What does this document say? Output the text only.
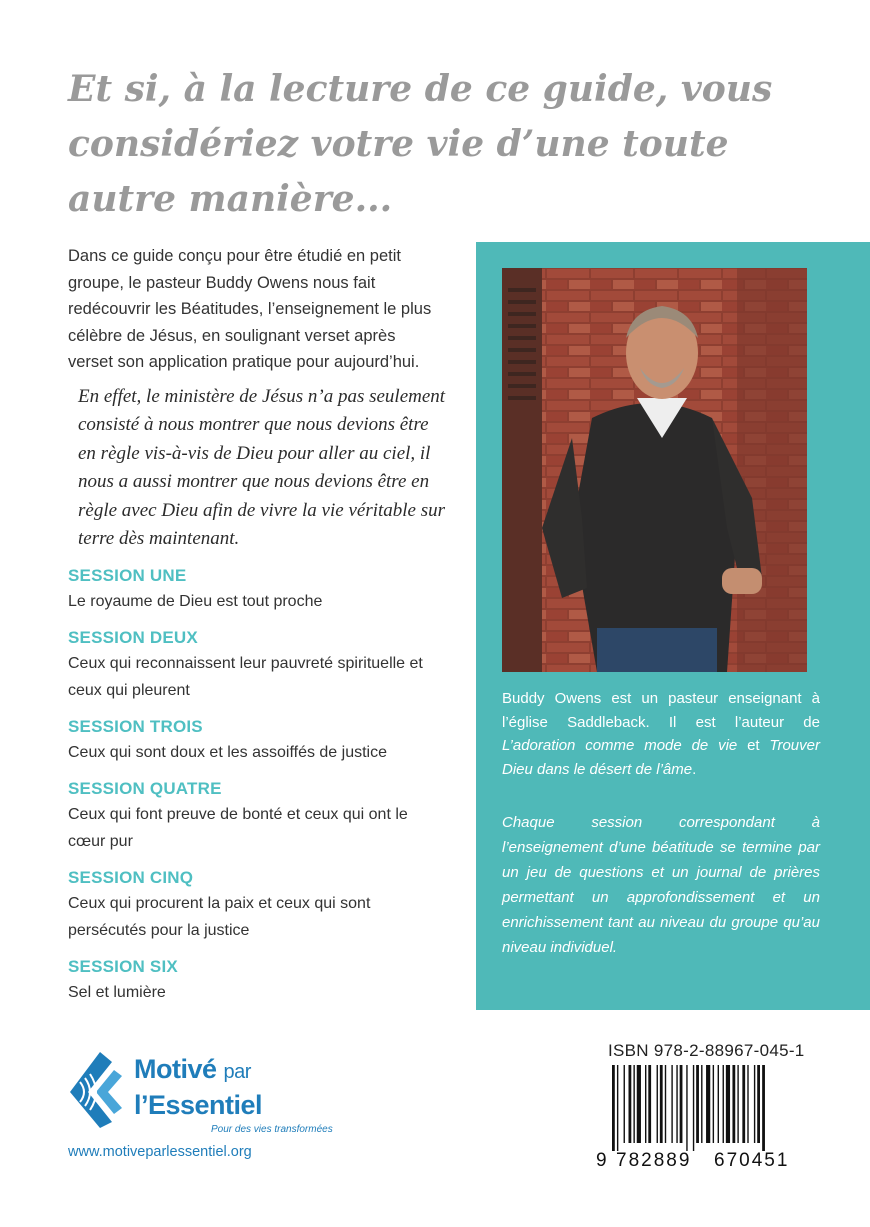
Et si, à la lecture de ce guide, vous considériez votre vie d’une toute autre manière...

Dans ce guide conçu pour être étudié en petit groupe, le pasteur Buddy Owens nous fait redécouvrir les Béatitudes, l’enseignement le plus célèbre de Jésus, en soulignant verset après verset son application pratique pour aujourd’hui.

En effet, le ministère de Jésus n’a pas seulement consisté à nous montrer que nous devions être en règle vis-à-vis de Dieu pour aller au ciel, il nous a aussi montrer que nous devions être en règle avec Dieu afin de vivre la vie véritable sur terre dès maintenant.

SESSION UNE

Le royaume de Dieu est tout proche

SESSION DEUX

Ceux qui reconnaissent leur pauvreté spirituelle et ceux qui pleurent

SESSION TROIS

Ceux qui sont doux et les assoiffés de justice

SESSION QUATRE

Ceux qui font preuve de bonté et ceux qui ont le cœur pur

SESSION CINQ

Ceux qui procurent la paix et ceux qui sont persécutés pour la justice

SESSION SIX

Sel et lumière

Buddy Owens est un pasteur enseignant à l’église Saddleback. Il est l’auteur de L’adoration comme mode de vie et Trouver Dieu dans le désert de l’âme.
Chaque session correspondant à l’enseignement d’une béatitude se termine par un jeu de questions et un journal de prières permettant un approfondissement et un enrichissement tant au niveau du groupe qu’au niveau individuel.
ISBN 978-2-88967-045-1
9 782889 670451
Motivé par
l’Essentiel
Pour des vies transformées
www.motiveparlessentiel.org
